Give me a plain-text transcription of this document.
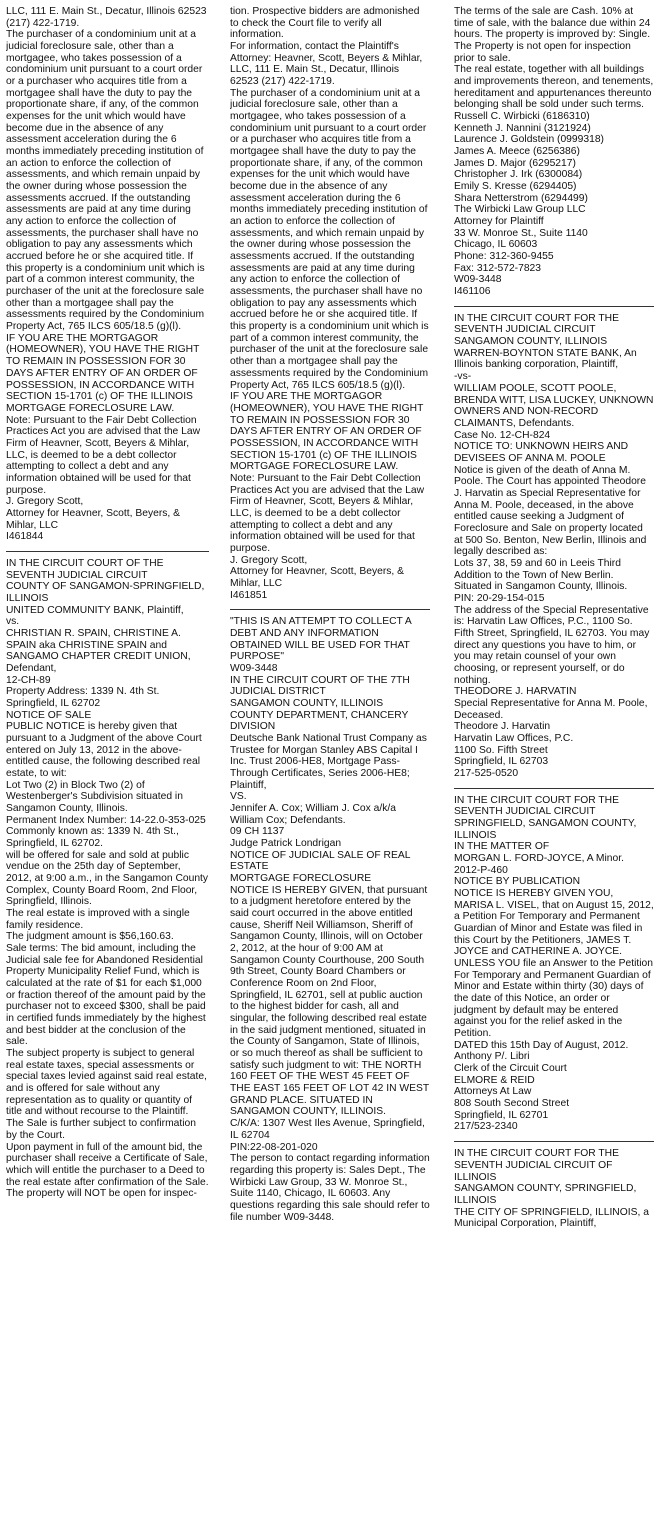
LLC, 111 E. Main St., Decatur, Illinois 62523 (217) 422-1719.
The purchaser of a condominium unit at a judicial foreclosure sale, other than a mortgagee, who takes possession of a condominium unit pursuant to a court order or a purchaser who acquires title from a mortgagee shall have the duty to pay the proportionate share, if any, of the common expenses for the unit which would have become due in the absence of any assessment acceleration during the 6 months immediately preceding institution of an action to enforce the collection of assessments, and which remain unpaid by the owner during whose possession the assessments accrued. If the outstanding assessments are paid at any time during any action to enforce the collection of assessments, the purchaser shall have no obligation to pay any assessments which accrued before he or she acquired title. If this property is a condominium unit which is part of a common interest community, the purchaser of the unit at the foreclosure sale other than a mortgagee shall pay the assessments required by the Condominium Property Act, 765 ILCS 605/18.5 (g)(l).
IF YOU ARE THE MORTGAGOR (HOMEOWNER), YOU HAVE THE RIGHT TO REMAIN IN POSSESSION FOR 30 DAYS AFTER ENTRY OF AN ORDER OF POSSESSION, IN ACCORDANCE WITH SECTION 15-1701 (c) OF THE ILLINOIS MORTGAGE FORECLOSURE LAW.
Note: Pursuant to the Fair Debt Collection Practices Act you are advised that the Law Firm of Heavner, Scott, Beyers & Mihlar, LLC, is deemed to be a debt collector attempting to collect a debt and any information obtained will be used for that purpose.
J. Gregory Scott,
Attorney for Heavner, Scott, Beyers, & Mihlar, LLC
I461844

IN THE CIRCUIT COURT OF THE SEVENTH JUDICIAL CIRCUIT
COUNTY OF SANGAMON-SPRINGFIELD, ILLINOIS
UNITED COMMUNITY BANK, Plaintiff,
vs.
CHRISTIAN R. SPAIN, CHRISTINE A. SPAIN aka CHRISTINE SPAIN and SANGAMO CHAPTER CREDIT UNION, Defendant,
12-CH-89
Property Address: 1339 N. 4th St. Springfield, IL 62702
NOTICE OF SALE
PUBLIC NOTICE is hereby given that pursuant to a Judgment of the above Court entered on July 13, 2012 in the above-entitled cause, the following described real estate, to wit:
Lot Two (2) in Block Two (2) of Westenberger's Subdivision situated in Sangamon County, Illinois.
Permanent Index Number: 14-22.0-353-025
Commonly known as: 1339 N. 4th St., Springfield, IL 62702.
will be offered for sale and sold at public vendue on the 25th day of September, 2012, at 9:00 a.m., in the Sangamon County Complex, County Board Room, 2nd Floor, Springfield, Illinois.
The real estate is improved with a single family residence.
The judgment amount is $56,160.63.
Sale terms: The bid amount, including the Judicial sale fee for Abandoned Residential Property Municipality Relief Fund, which is calculated at the rate of $1 for each $1,000 or fraction thereof of the amount paid by the purchaser not to exceed $300, shall be paid in certified funds immediately by the highest and best bidder at the conclusion of the sale.
The subject property is subject to general real estate taxes, special assessments or special taxes levied against said real estate, and is offered for sale without any representation as to quality or quantity of title and without recourse to the Plaintiff.
The Sale is further subject to confirmation by the Court.
Upon payment in full of the amount bid, the purchaser shall receive a Certificate of Sale, which will entitle the purchaser to a Deed to the real estate after confirmation of the Sale.
The property will NOT be open for inspec-

tion. Prospective bidders are admonished to check the Court file to verify all information.
For information, contact the Plaintiff's Attorney: Heavner, Scott, Beyers & Mihlar, LLC, 111 E. Main St., Decatur, Illinois 62523 (217) 422-1719.
The purchaser of a condominium unit at a judicial foreclosure sale, other than a mortgagee, who takes possession of a condominium unit pursuant to a court order or a purchaser who acquires title from a mortgagee shall have the duty to pay the proportionate share, if any, of the common expenses for the unit which would have become due in the absence of any assessment acceleration during the 6 months immediately preceding institution of an action to enforce the collection of assessments, and which remain unpaid by the owner during whose possession the assessments accrued. If the outstanding assessments are paid at any time during any action to enforce the collection of assessments, the purchaser shall have no obligation to pay any assessments which accrued before he or she acquired title. If this property is a condominium unit which is part of a common interest community, the purchaser of the unit at the foreclosure sale other than a mortgagee shall pay the assessments required by the Condominium Property Act, 765 ILCS 605/18.5 (g)(l).
IF YOU ARE THE MORTGAGOR (HOMEOWNER), YOU HAVE THE RIGHT TO REMAIN IN POSSESSION FOR 30 DAYS AFTER ENTRY OF AN ORDER OF POSSESSION, IN ACCORDANCE WITH SECTION 15-1701 (c) OF THE ILLINOIS MORTGAGE FORECLOSURE LAW.
Note: Pursuant to the Fair Debt Collection Practices Act you are advised that the Law Firm of Heavner, Scott, Beyers & Mihlar, LLC, is deemed to be a debt collector attempting to collect a debt and any information obtained will be used for that purpose.
J. Gregory Scott,
Attorney for Heavner, Scott, Beyers, & Mihlar, LLC
I461851

"THIS IS AN ATTEMPT TO COLLECT A DEBT AND ANY INFORMATION OBTAINED WILL BE USED FOR THAT PURPOSE"
W09-3448
IN THE CIRCUIT COURT OF THE 7TH JUDICIAL DISTRICT
SANGAMON COUNTY, ILLINOIS
COUNTY DEPARTMENT, CHANCERY DIVISION
Deutsche Bank National Trust Company as Trustee for Morgan Stanley ABS Capital I Inc. Trust 2006-HE8, Mortgage Pass-Through Certificates, Series 2006-HE8; Plaintiff,
VS.
Jennifer A. Cox; William J. Cox a/k/a William Cox; Defendants.
09 CH 1137
Judge Patrick Londrigan
NOTICE OF JUDICIAL SALE OF REAL ESTATE
MORTGAGE FORECLOSURE
NOTICE IS HEREBY GIVEN, that pursuant to a judgment heretofore entered by the said court occurred in the above entitled cause, Sheriff Neil Williamson, Sheriff of Sangamon County, Illinois, will on October 2, 2012, at the hour of 9:00 AM at Sangamon County Courthouse, 200 South 9th Street, County Board Chambers or Conference Room on 2nd Floor, Springfield, IL 62701, sell at public auction to the highest bidder for cash, all and singular, the following described real estate in the said judgment mentioned, situated in the County of Sangamon, State of Illinois, or so much thereof as shall be sufficient to satisfy such judgment to wit: THE NORTH 160 FEET OF THE WEST 45 FEET OF THE EAST 165 FEET OF LOT 42 IN WEST GRAND PLACE. SITUATED IN SANGAMON COUNTY, ILLINOIS.
C/K/A: 1307 West Iles Avenue, Springfield, IL 62704
PIN:22-08-201-020
The person to contact regarding information regarding this property is: Sales Dept., The Wirbicki Law Group, 33 W. Monroe St., Suite 1140, Chicago, IL 60603. Any questions regarding this sale should refer to file number W09-3448.

The terms of the sale are Cash. 10% at time of sale, with the balance due within 24 hours. The property is improved by: Single. The Property is not open for inspection prior to sale.
The real estate, together with all buildings and improvements thereon, and tenements, hereditament and appurtenances thereunto belonging shall be sold under such terms.
Russell C. Wirbicki (6186310)
Kenneth J. Nannini (3121924)
Laurence J. Goldstein (0999318)
James A. Meece (6256386)
James D. Major (6295217)
Christopher J. Irk (6300084)
Emily S. Kresse (6294405)
Shara Netterstrom (6294499)
The Wirbicki Law Group LLC
Attorney for Plaintiff
33 W. Monroe St., Suite 1140
Chicago, IL 60603
Phone: 312-360-9455
Fax: 312-572-7823
W09-3448
I461106

IN THE CIRCUIT COURT FOR THE SEVENTH JUDICIAL CIRCUIT
SANGAMON COUNTY, ILLINOIS
WARREN-BOYNTON STATE BANK, An Illinois banking corporation, Plaintiff,
-vs-
WILLIAM POOLE, SCOTT POOLE, BRENDA WITT, LISA LUCKEY, UNKNOWN OWNERS AND NON-RECORD CLAIMANTS, Defendants.
Case No. 12-CH-824
NOTICE TO: UNKNOWN HEIRS AND DEVISEES OF ANNA M. POOLE
Notice is given of the death of Anna M. Poole. The Court has appointed Theodore J. Harvatin as Special Representative for Anna M. Poole, deceased, in the above entitled cause seeking a Judgment of Foreclosure and Sale on property located at 500 So. Benton, New Berlin, Illinois and legally described as:
Lots 37, 38, 59 and 60 in Leeis Third Addition to the Town of New Berlin. Situated in Sangamon County, Illinois.
PIN: 20-29-154-015
The address of the Special Representative is: Harvatin Law Offices, P.C., 1100 So. Fifth Street, Springfield, IL 62703. You may direct any questions you have to him, or you may retain counsel of your own choosing, or represent yourself, or do nothing.
THEODORE J. HARVATIN
Special Representative for Anna M. Poole, Deceased.
Theodore J. Harvatin
Harvatin Law Offices, P.C.
1100 So. Fifth Street
Springfield, IL 62703
217-525-0520

IN THE CIRCUIT COURT FOR THE SEVENTH JUDICIAL CIRCUIT
SPRINGFIELD, SANGAMON COUNTY, ILLINOIS
IN THE MATTER OF
MORGAN L. FORD-JOYCE, A Minor.
2012-P-460
NOTICE BY PUBLICATION
NOTICE IS HEREBY GIVEN YOU, MARISA L. VISEL, that on August 15, 2012, a Petition For Temporary and Permanent Guardian of Minor and Estate was filed in this Court by the Petitioners, JAMES T. JOYCE and CATHERINE A. JOYCE.
UNLESS YOU file an Answer to the Petition For Temporary and Permanent Guardian of Minor and Estate within thirty (30) days of the date of this Notice, an order or judgment by default may be entered against you for the relief asked in the Petition.
DATED this 15th Day of August, 2012.
Anthony P/. Libri
Clerk of the Circuit Court
ELMORE & REID
Attorneys At Law
808 South Second Street
Springfield, IL 62701
217/523-2340

IN THE CIRCUIT COURT FOR THE SEVENTH JUDICIAL CIRCUIT OF ILLINOIS
SANGAMON COUNTY, SPRINGFIELD, ILLINOIS
THE CITY OF SPRINGFIELD, ILLINOIS, a Municipal Corporation, Plaintiff,
